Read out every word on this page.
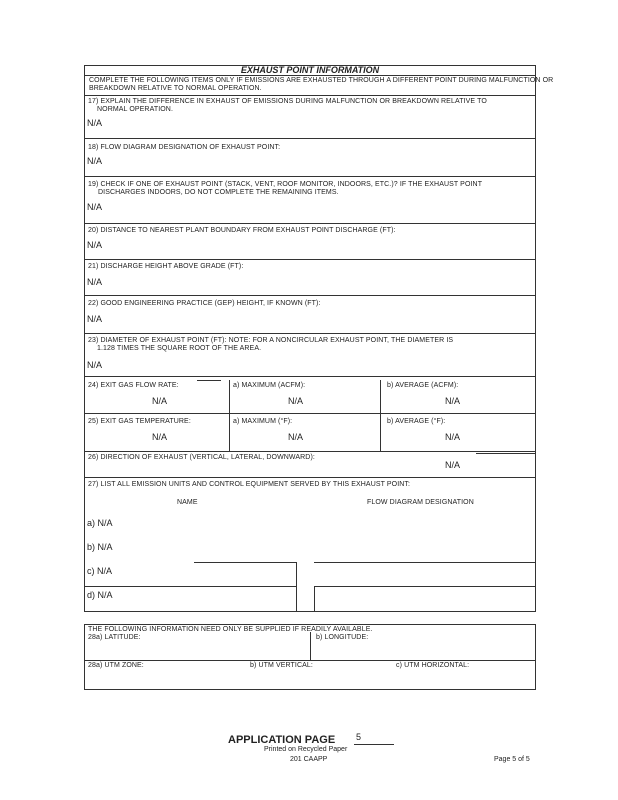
EXHAUST POINT INFORMATION
COMPLETE THE FOLLOWING ITEMS ONLY IF EMISSIONS ARE EXHAUSTED THROUGH A DIFFERENT POINT DURING MALFUNCTION OR
BREAKDOWN RELATIVE TO NORMAL OPERATION.
17) EXPLAIN THE DIFFERENCE IN EXHAUST OF EMISSIONS DURING MALFUNCTION OR BREAKDOWN RELATIVE TO
NORMAL OPERATION.
N/A
18) FLOW DIAGRAM DESIGNATION OF EXHAUST POINT:
N/A
19) CHECK IF ONE OF EXHAUST POINT (STACK, VENT, ROOF MONITOR, INDOORS, ETC.)? IF THE EXHAUST POINT
DISCHARGES INDOORS, DO NOT COMPLETE THE REMAINING ITEMS.
N/A
20) DISTANCE TO NEAREST PLANT BOUNDARY FROM EXHAUST POINT DISCHARGE (FT):
N/A
21) DISCHARGE HEIGHT ABOVE GRADE (FT):
N/A
22) GOOD ENGINEERING PRACTICE (GEP) HEIGHT, IF KNOWN (FT):
N/A
23) DIAMETER OF EXHAUST POINT (FT): NOTE: FOR A NONCIRCULAR EXHAUST POINT, THE DIAMETER IS
1.128 TIMES THE SQUARE ROOT OF THE AREA.
N/A
24) EXIT GAS FLOW RATE:	a) MAXIMUM (ACFM):	b) AVERAGE (ACFM):
N/A	N/A	N/A
25) EXIT GAS TEMPERATURE:	a) MAXIMUM (°F):	b) AVERAGE (°F):
N/A	N/A	N/A
26) DIRECTION OF EXHAUST (VERTICAL, LATERAL, DOWNWARD):
N/A
27) LIST ALL EMISSION UNITS AND CONTROL EQUIPMENT SERVED BY THIS EXHAUST POINT:
NAME	FLOW DIAGRAM DESIGNATION
a) N/A
b) N/A
c) N/A
d) N/A
THE FOLLOWING INFORMATION NEED ONLY BE SUPPLIED IF READILY AVAILABLE.
28a) LATITUDE:	b) LONGITUDE:
28a) UTM ZONE:	b) UTM VERTICAL:	c) UTM HORIZONTAL:
APPLICATION PAGE 5
Printed on Recycled Paper
201 CAAPP	Page 5 of 5
